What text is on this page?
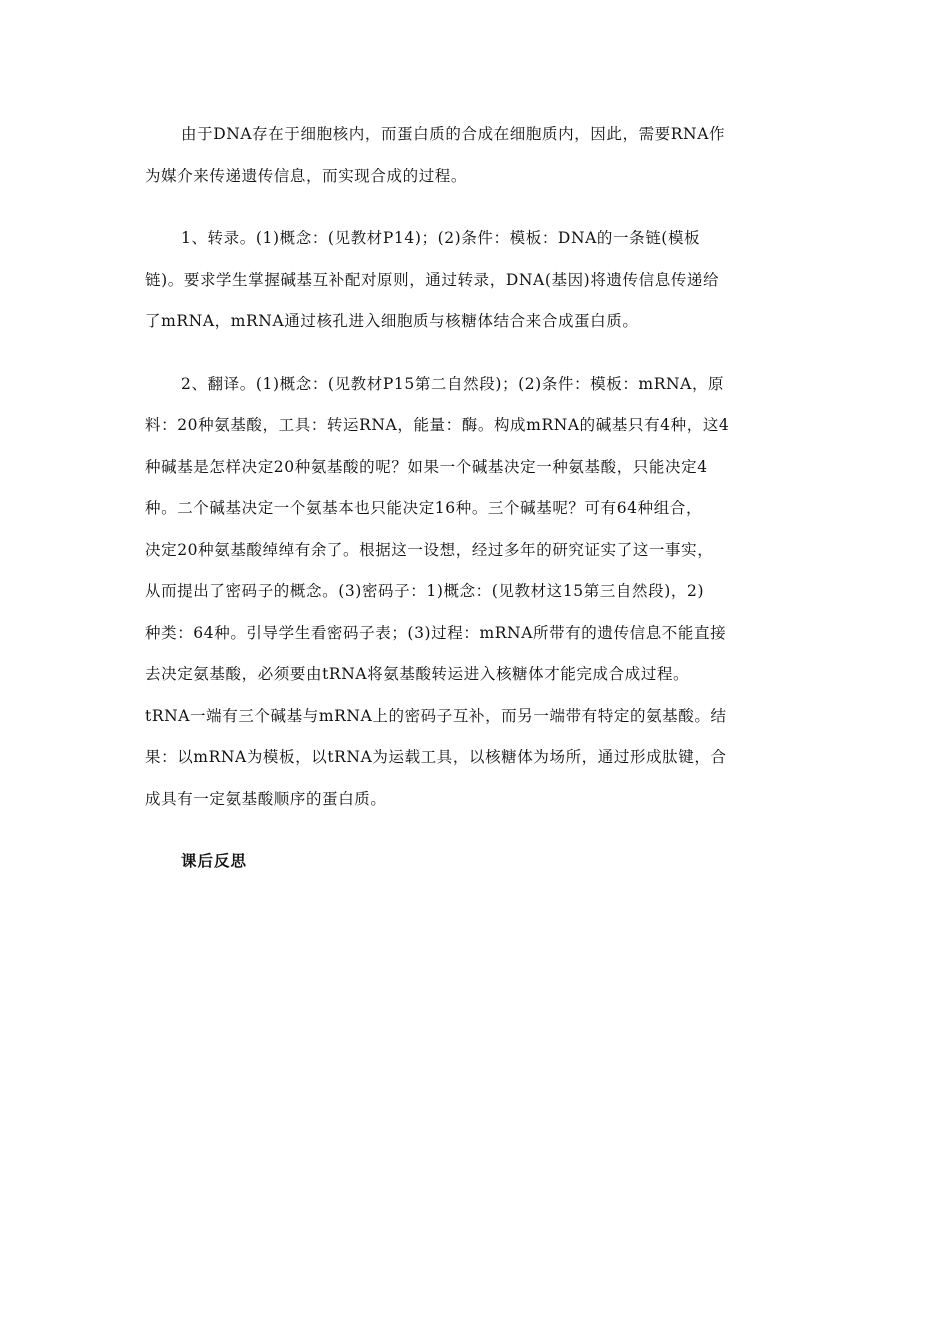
由于DNA存在于细胞核内，而蛋白质的合成在细胞质内，因此，需要RNA作
为媒介来传递遗传信息，而实现合成的过程。
1、转录。(1)概念：(见教材P14)；(2)条件：模板：DNA的一条链(模板
链)。要求学生掌握碱基互补配对原则，通过转录，DNA(基因)将遗传信息传递给
了mRNA，mRNA通过核孔进入细胞质与核糖体结合来合成蛋白质。
2、翻译。(1)概念：(见教材P15第二自然段)；(2)条件：模板：mRNA，原
料：20种氨基酸，工具：转运RNA，能量：酶。构成mRNA的碱基只有4种，这4
种碱基是怎样决定20种氨基酸的呢？如果一个碱基决定一种氨基酸，只能决定4
种。二个碱基决定一个氨基本也只能决定16种。三个碱基呢？可有64种组合，
决定20种氨基酸绰绰有余了。根据这一设想，经过多年的研究证实了这一事实，
从而提出了密码子的概念。(3)密码子：1)概念：(见教材这15第三自然段)，2)
种类：64种。引导学生看密码子表；(3)过程：mRNA所带有的遗传信息不能直接
去决定氨基酸，必须要由tRNA将氨基酸转运进入核糖体才能完成合成过程。
tRNA一端有三个碱基与mRNA上的密码子互补，而另一端带有特定的氨基酸。结
果：以mRNA为模板，以tRNA为运载工具，以核糖体为场所，通过形成肽键，合
成具有一定氨基酸顺序的蛋白质。
课后反思
